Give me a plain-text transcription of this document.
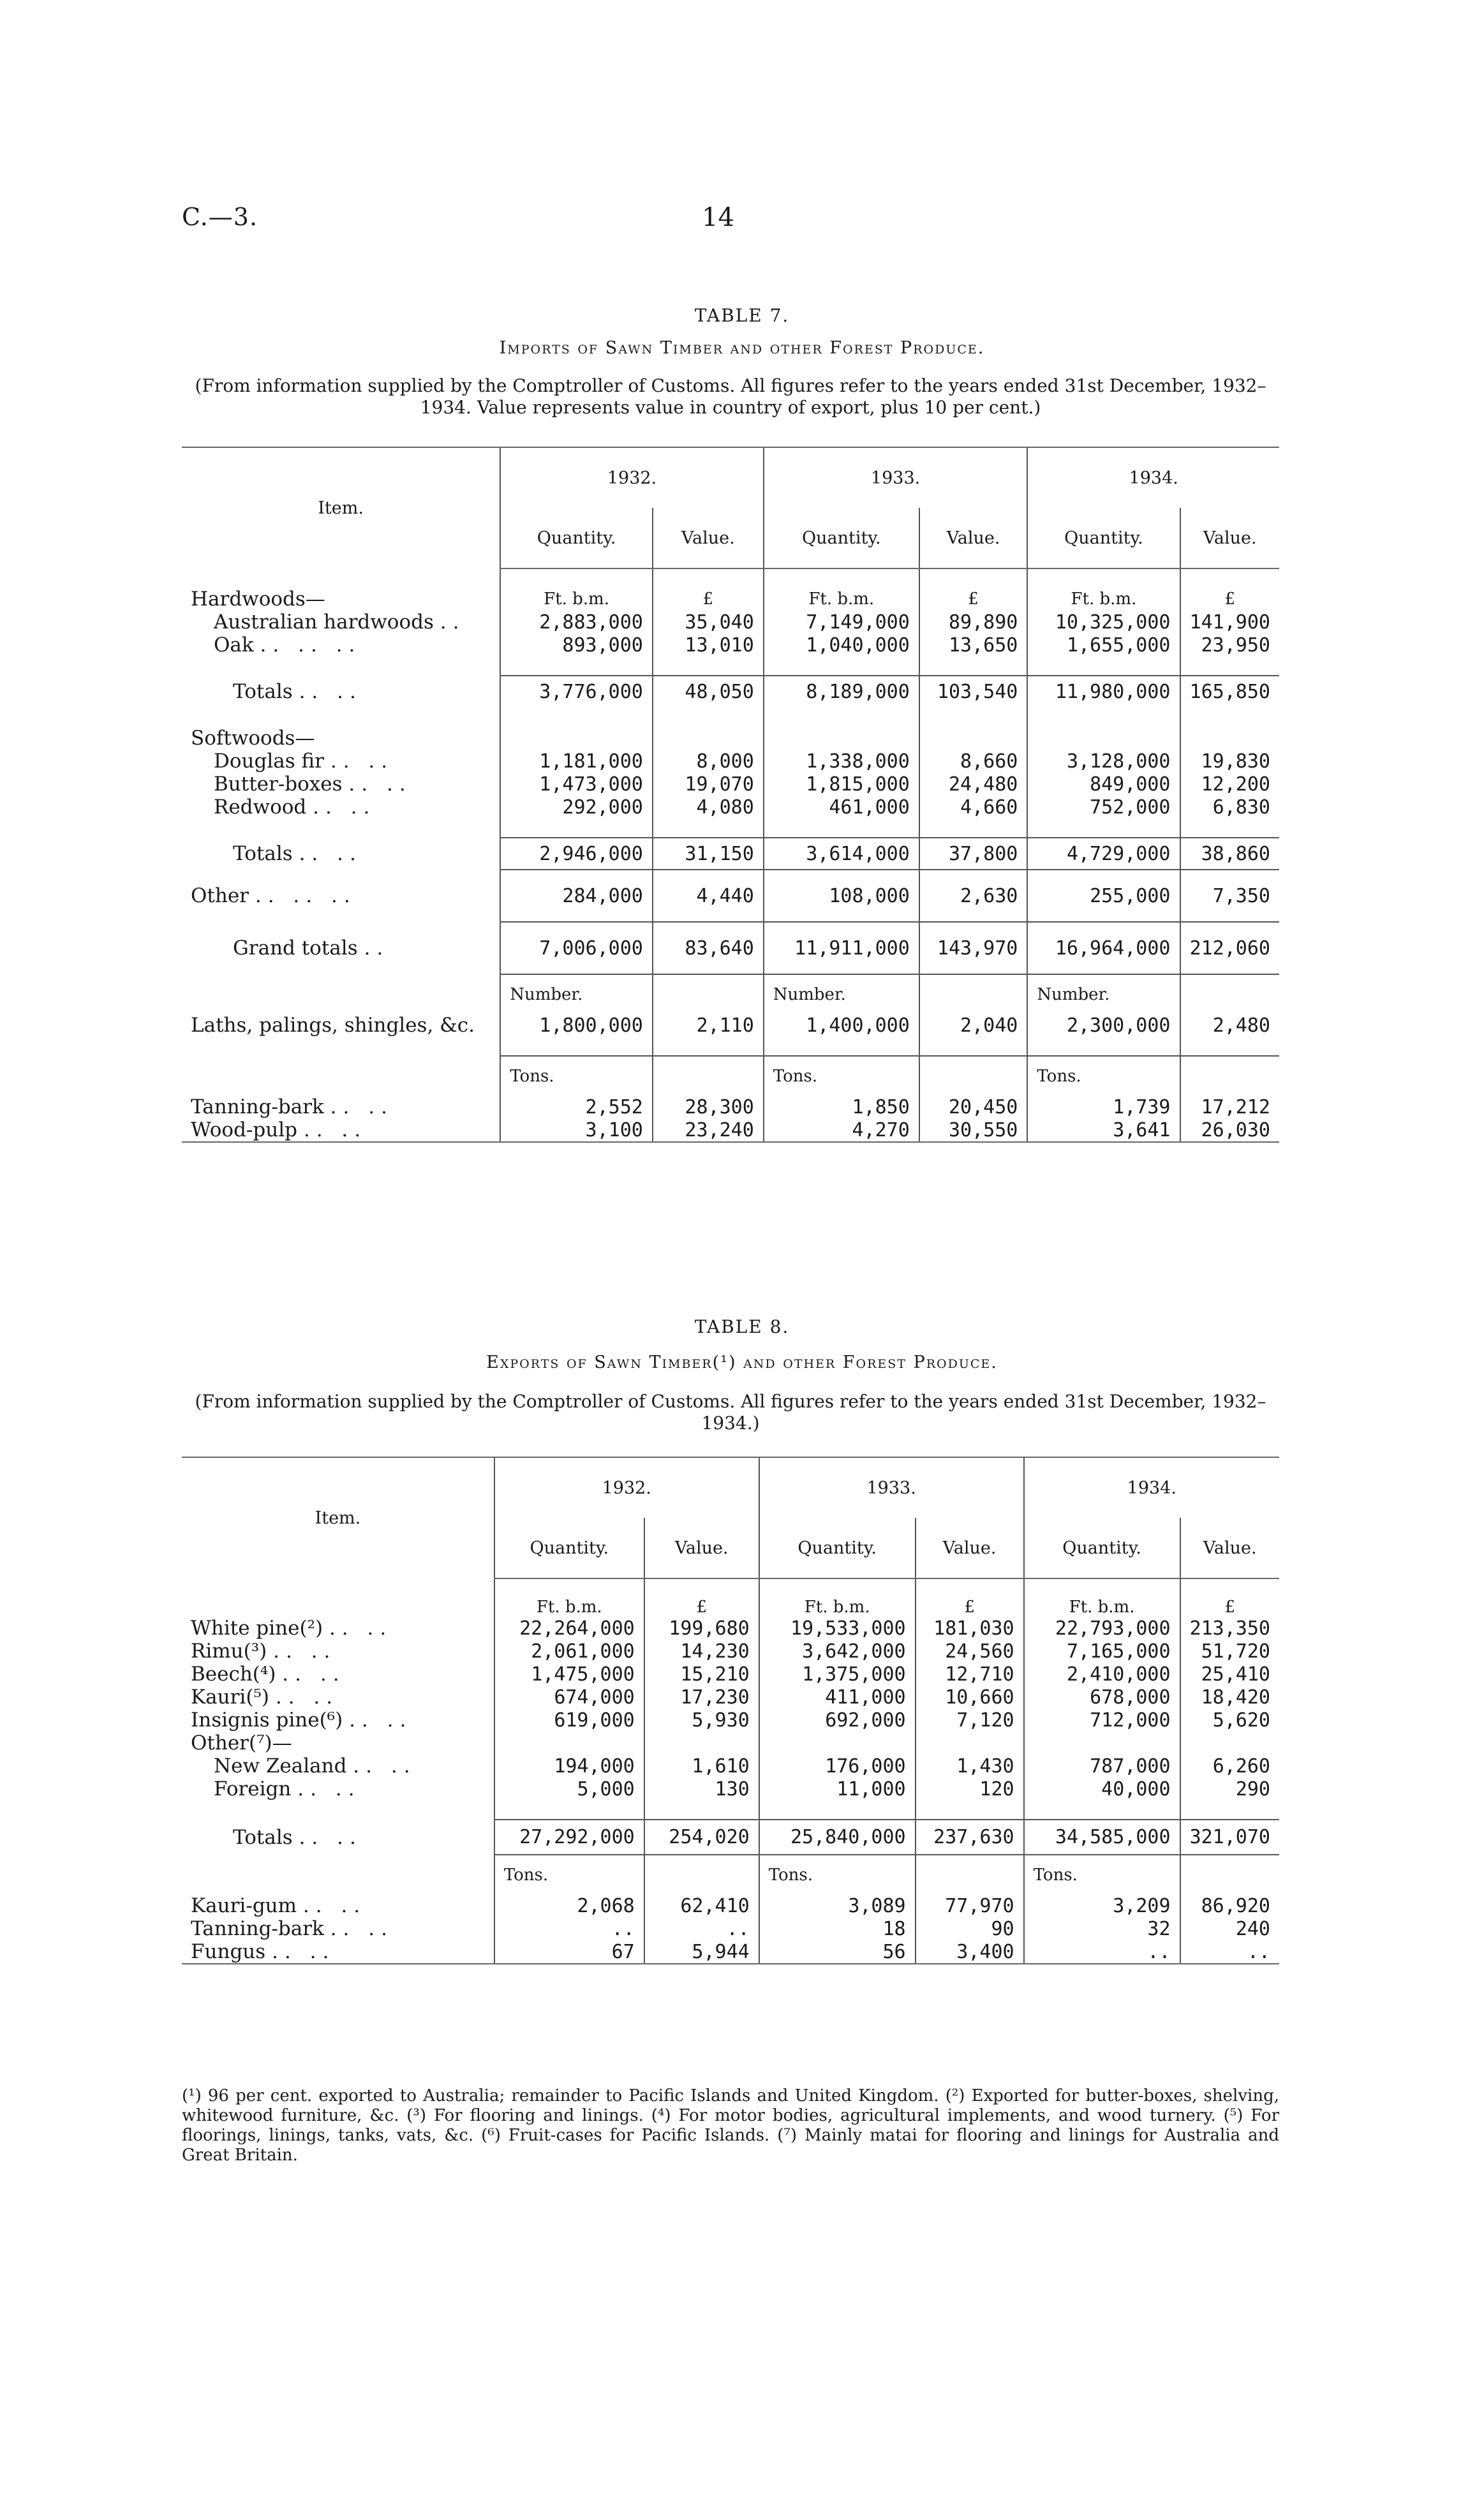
C.—3.	14
TABLE 7.
Imports of Sawn Timber and other Forest Produce.
(From information supplied by the Comptroller of Customs. All figures refer to the years ended 31st December, 1932–1934. Value represents value in country of export, plus 10 per cent.)
Item.	1932.		1933.		1934.	
	Quantity.	Value.	Quantity.	Value.	Quantity.	Value.

Hardwoods—	Ft. b.m.	£	Ft. b.m.	£	Ft. b.m.	£
Australian hardwoods ..	2,883,000	35,040	7,149,000	89,890	10,325,000	141,900
Oak .. .. ..	893,000	13,010	1,040,000	13,650	1,655,000	23,950

Totals .. ..	3,776,000	48,050	8,189,000	103,540	11,980,000	165,850

Softwoods—						
Douglas fir .. ..	1,181,000	8,000	1,338,000	8,660	3,128,000	19,830
Butter-boxes .. ..	1,473,000	19,070	1,815,000	24,480	849,000	12,200
Redwood .. ..	292,000	4,080	461,000	4,660	752,000	6,830

Totals .. ..	2,946,000	31,150	3,614,000	37,800	4,729,000	38,860
Other .. .. ..	284,000	4,440	108,000	2,630	255,000	7,350
Grand totals ..	7,006,000	83,640	11,911,000	143,970	16,964,000	212,060
	Number.		Number.		Number.	
Laths, palings, shingles, &c.	1,800,000	2,110	1,400,000	2,040	2,300,000	2,480

	Tons.		Tons.		Tons.	
Tanning-bark .. ..	2,552	28,300	1,850	20,450	1,739	17,212
Wood-pulp .. ..	3,100	23,240	4,270	30,550	3,641	26,030
TABLE 8.
Exports of Sawn Timber(¹) and other Forest Produce.
(From information supplied by the Comptroller of Customs. All figures refer to the years ended 31st December, 1932–1934.)
Item.	1932.		1933.		1934.	
	Quantity.	Value.	Quantity.	Value.	Quantity.	Value.

	Ft. b.m.	£	Ft. b.m.	£	Ft. b.m.	£
White pine(²) .. ..	22,264,000	199,680	19,533,000	181,030	22,793,000	213,350
Rimu(³) .. ..	2,061,000	14,230	3,642,000	24,560	7,165,000	51,720
Beech(⁴) .. ..	1,475,000	15,210	1,375,000	12,710	2,410,000	25,410
Kauri(⁵) .. ..	674,000	17,230	411,000	10,660	678,000	18,420
Insignis pine(⁶) .. ..	619,000	5,930	692,000	7,120	712,000	5,620
Other(⁷)—						
New Zealand .. ..	194,000	1,610	176,000	1,430	787,000	6,260
Foreign .. ..	5,000	130	11,000	120	40,000	290

Totals .. ..	27,292,000	254,020	25,840,000	237,630	34,585,000	321,070
	Tons.		Tons.		Tons.	
Kauri-gum .. ..	2,068	62,410	3,089	77,970	3,209	86,920
Tanning-bark .. ..	..	..	18	90	32	240
Fungus .. ..	67	5,944	56	3,400	..	..
(¹) 96 per cent. exported to Australia; remainder to Pacific Islands and United Kingdom. (²) Exported for butter-boxes, shelving, whitewood furniture, &c. (³) For flooring and linings. (⁴) For motor bodies, agricultural implements, and wood turnery. (⁵) For floorings, linings, tanks, vats, &c. (⁶) Fruit-cases for Pacific Islands. (⁷) Mainly matai for flooring and linings for Australia and Great Britain.
